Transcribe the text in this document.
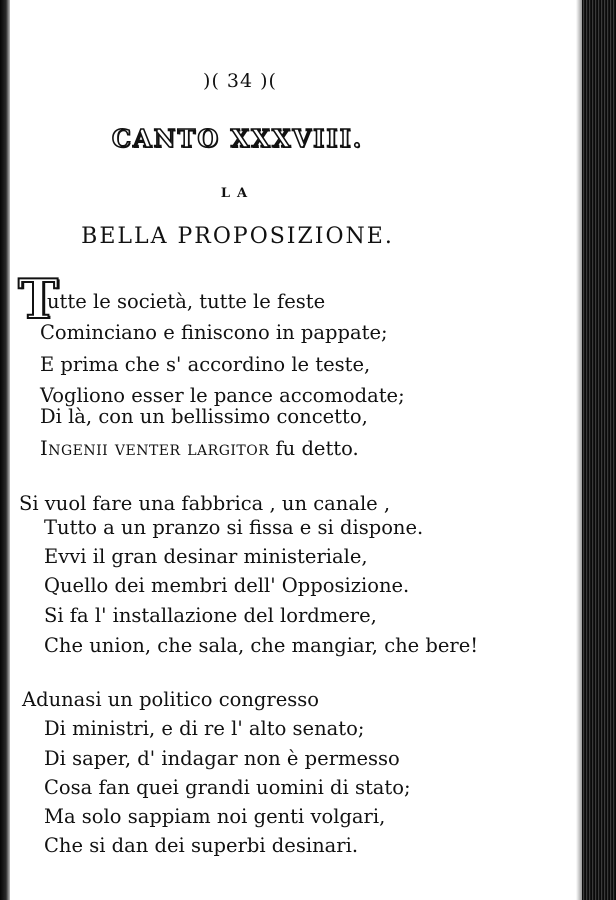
)( 34 )(
CANTO XXXVIII.
LA
BELLA PROPOSIZIONE.
T
utte le società, tutte le feste
Cominciano e finiscono in pappate;
E prima che s' accordino le teste,
Vogliono esser le pance accomodate;
Di là, con un bellissimo concetto,
Ingenii venter largitor fu detto.
Si vuol fare una fabbrica , un canale ,
Tutto a un pranzo si fissa e si dispone.
Evvi il gran desinar ministeriale,
Quello dei membri dell' Opposizione.
Si fa l' installazione del lordmere,
Che union, che sala, che mangiar, che bere!
Adunasi un politico congresso
Di ministri, e di re l' alto senato;
Di saper, d' indagar non è permesso
Cosa fan quei grandi uomini di stato;
Ma solo sappiam noi genti volgari,
Che si dan dei superbi desinari.
